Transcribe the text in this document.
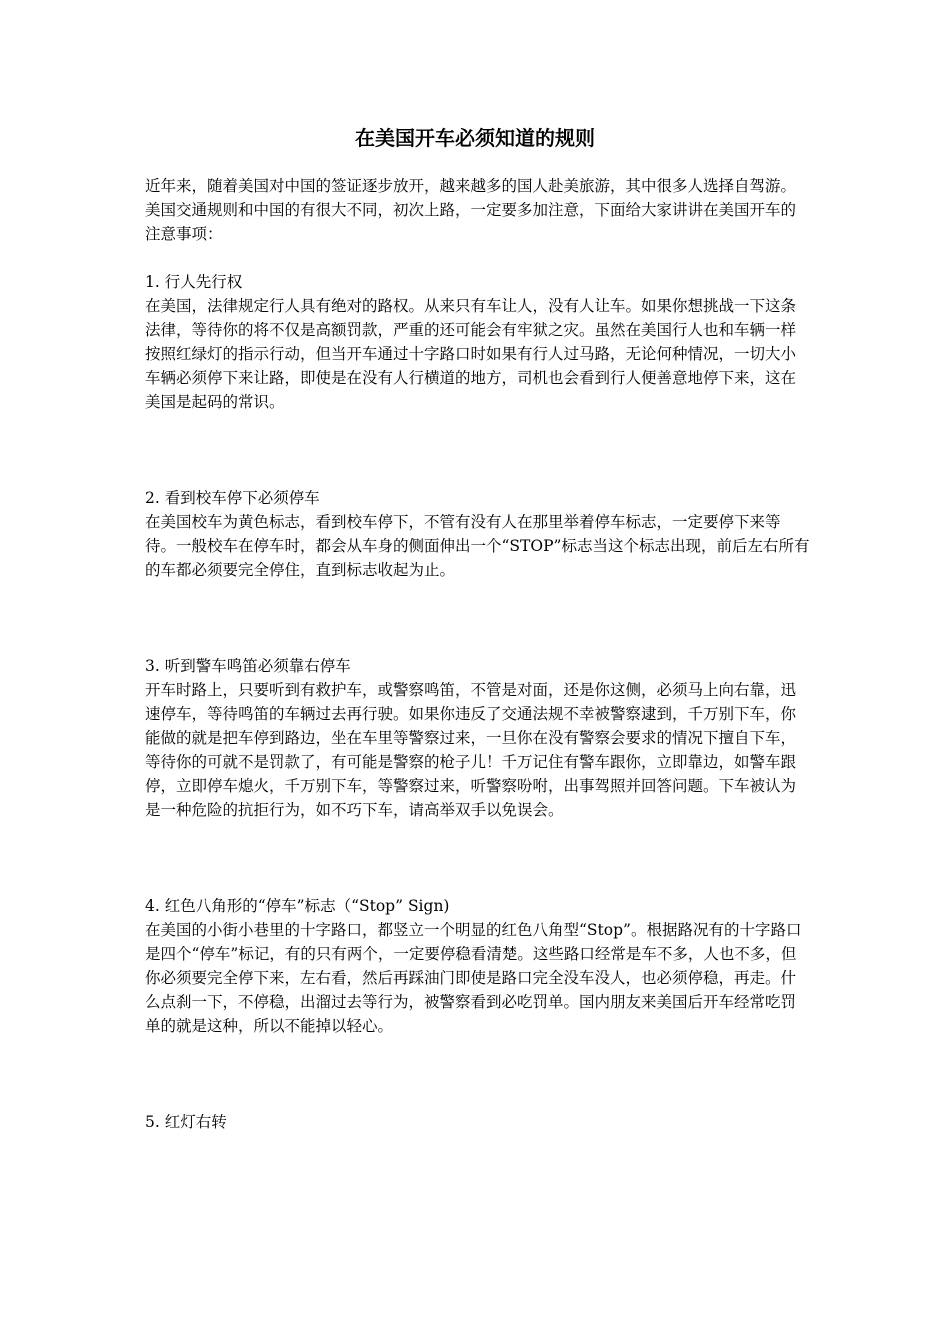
在美国开车必须知道的规则

近年来，随着美国对中国的签证逐步放开，越来越多的国人赴美旅游，其中很多人选择自驾游。美国交通规则和中国的有很大不同，初次上路，一定要多加注意，下面给大家讲讲在美国开车的注意事项：

1. 行人先行权

在美国，法律规定行人具有绝对的路权。从来只有车让人，没有人让车。如果你想挑战一下这条法律，等待你的将不仅是高额罚款，严重的还可能会有牢狱之灾。虽然在美国行人也和车辆一样按照红绿灯的指示行动，但当开车通过十字路口时如果有行人过马路，无论何种情况，一切大小车辆必须停下来让路，即使是在没有人行横道的地方，司机也会看到行人便善意地停下来，这在美国是起码的常识。

2. 看到校车停下必须停车

在美国校车为黄色标志，看到校车停下，不管有没有人在那里举着停车标志，一定要停下来等待。一般校车在停车时，都会从车身的侧面伸出一个“STOP”标志当这个标志出现，前后左右所有的车都必须要完全停住，直到标志收起为止。

3. 听到警车鸣笛必须靠右停车

开车时路上，只要听到有救护车，或警察鸣笛，不管是对面，还是你这侧，必须马上向右靠，迅速停车，等待鸣笛的车辆过去再行驶。如果你违反了交通法规不幸被警察逮到，千万别下车，你能做的就是把车停到路边，坐在车里等警察过来，一旦你在没有警察会要求的情况下擅自下车，等待你的可就不是罚款了，有可能是警察的枪子儿！千万记住有警车跟你，立即靠边，如警车跟停，立即停车熄火，千万别下车，等警察过来，听警察吩咐，出事驾照并回答问题。下车被认为是一种危险的抗拒行为，如不巧下车，请高举双手以免误会。

4. 红色八角形的“停车”标志（“Stop” Sign)

在美国的小街小巷里的十字路口，都竖立一个明显的红色八角型“Stop”。根据路况有的十字路口是四个“停车”标记，有的只有两个，一定要停稳看清楚。这些路口经常是车不多，人也不多，但你必须要完全停下来，左右看，然后再踩油门即使是路口完全没车没人，也必须停稳，再走。什么点刹一下，不停稳，出溜过去等行为，被警察看到必吃罚单。国内朋友来美国后开车经常吃罚单的就是这种，所以不能掉以轻心。

5. 红灯右转
